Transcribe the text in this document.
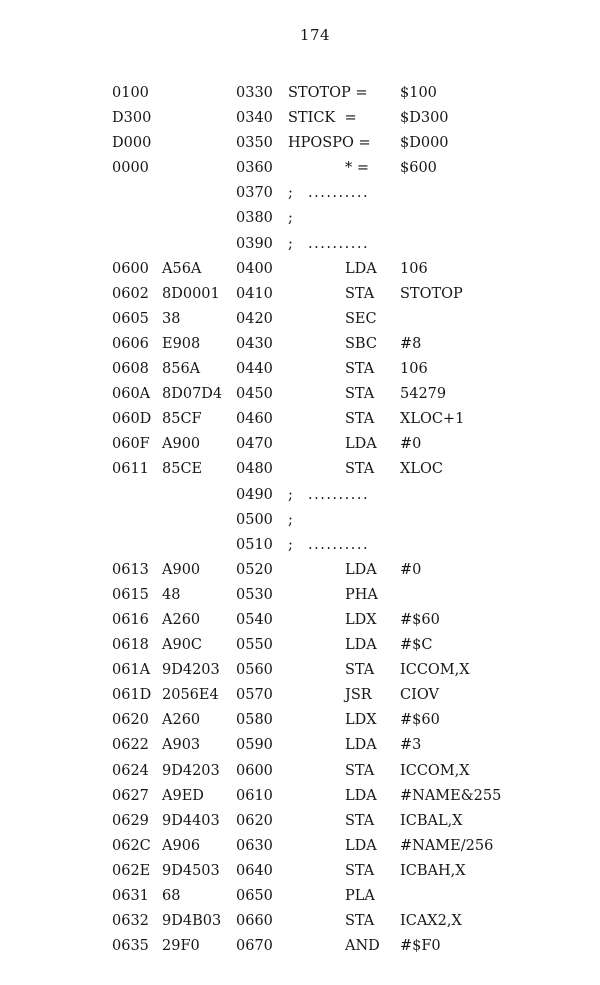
174
0100	0330 STOTOP = $100
D300	0340 STICK  =	$D300
D000	0350 HPOSPO = $D000
0000	0360	* = $600
0370 ; ..........
0380 ;
0390 ; ..........
0600 A56A 0400	LDA 106
0602 8D0001 0410	STA STOTOP
0605 38	0420	SEC
0606 E908 0430	SBC #8
0608 856A 0440	STA 106
060A 8D07D4 0450	STA 54279
060D 85CF 0460	STA XLOC+1
060F A900 0470	LDA #0
0611 85CE 0480	STA XLOC
0490 ; ..........
0500 ;
0510 ; ..........
0613 A900 0520	LDA #0
0615 48	0530	PHA
0616 A260 0540	LDX #$60
0618 A90C 0550	LDA #$C
061A 9D4203 0560	STA ICCOM,X
061D 2056E4 0570	JSR CIOV
0620 A260 0580	LDX #$60
0622 A903 0590	LDA #3
0624 9D4203 0600	STA ICCOM,X
0627 A9ED 0610	LDA #NAME&255
0629 9D4403 0620	STA ICBAL,X
062C A906 0630	LDA #NAME/256
062E 9D4503 0640	STA ICBAH,X
0631 68	0650	PLA
0632 9D4B03 0660	STA ICAX2,X
0635 29F0	0670	AND #$F0
